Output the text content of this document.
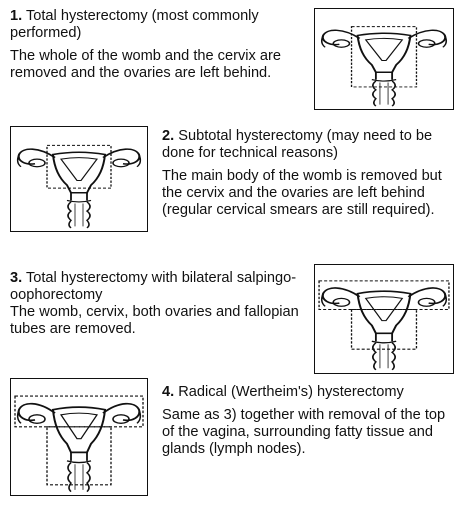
1. Total hysterectomy (most commonly performed)

The whole of the womb and the cervix are removed and the ovaries are left behind.

2. Subtotal hysterectomy (may need to be done for technical reasons)

The main body of the womb is removed but the cervix and the ovaries are left behind (regular cervical smears are still required).

3. Total hysterectomy with bilateral salpingo-oophorectomy

The womb, cervix, both ovaries and fallopian tubes are removed.

4. Radical (Wertheim's) hysterectomy

Same as 3) together with removal of the top of the vagina, surrounding fatty tissue and glands (lymph nodes).
